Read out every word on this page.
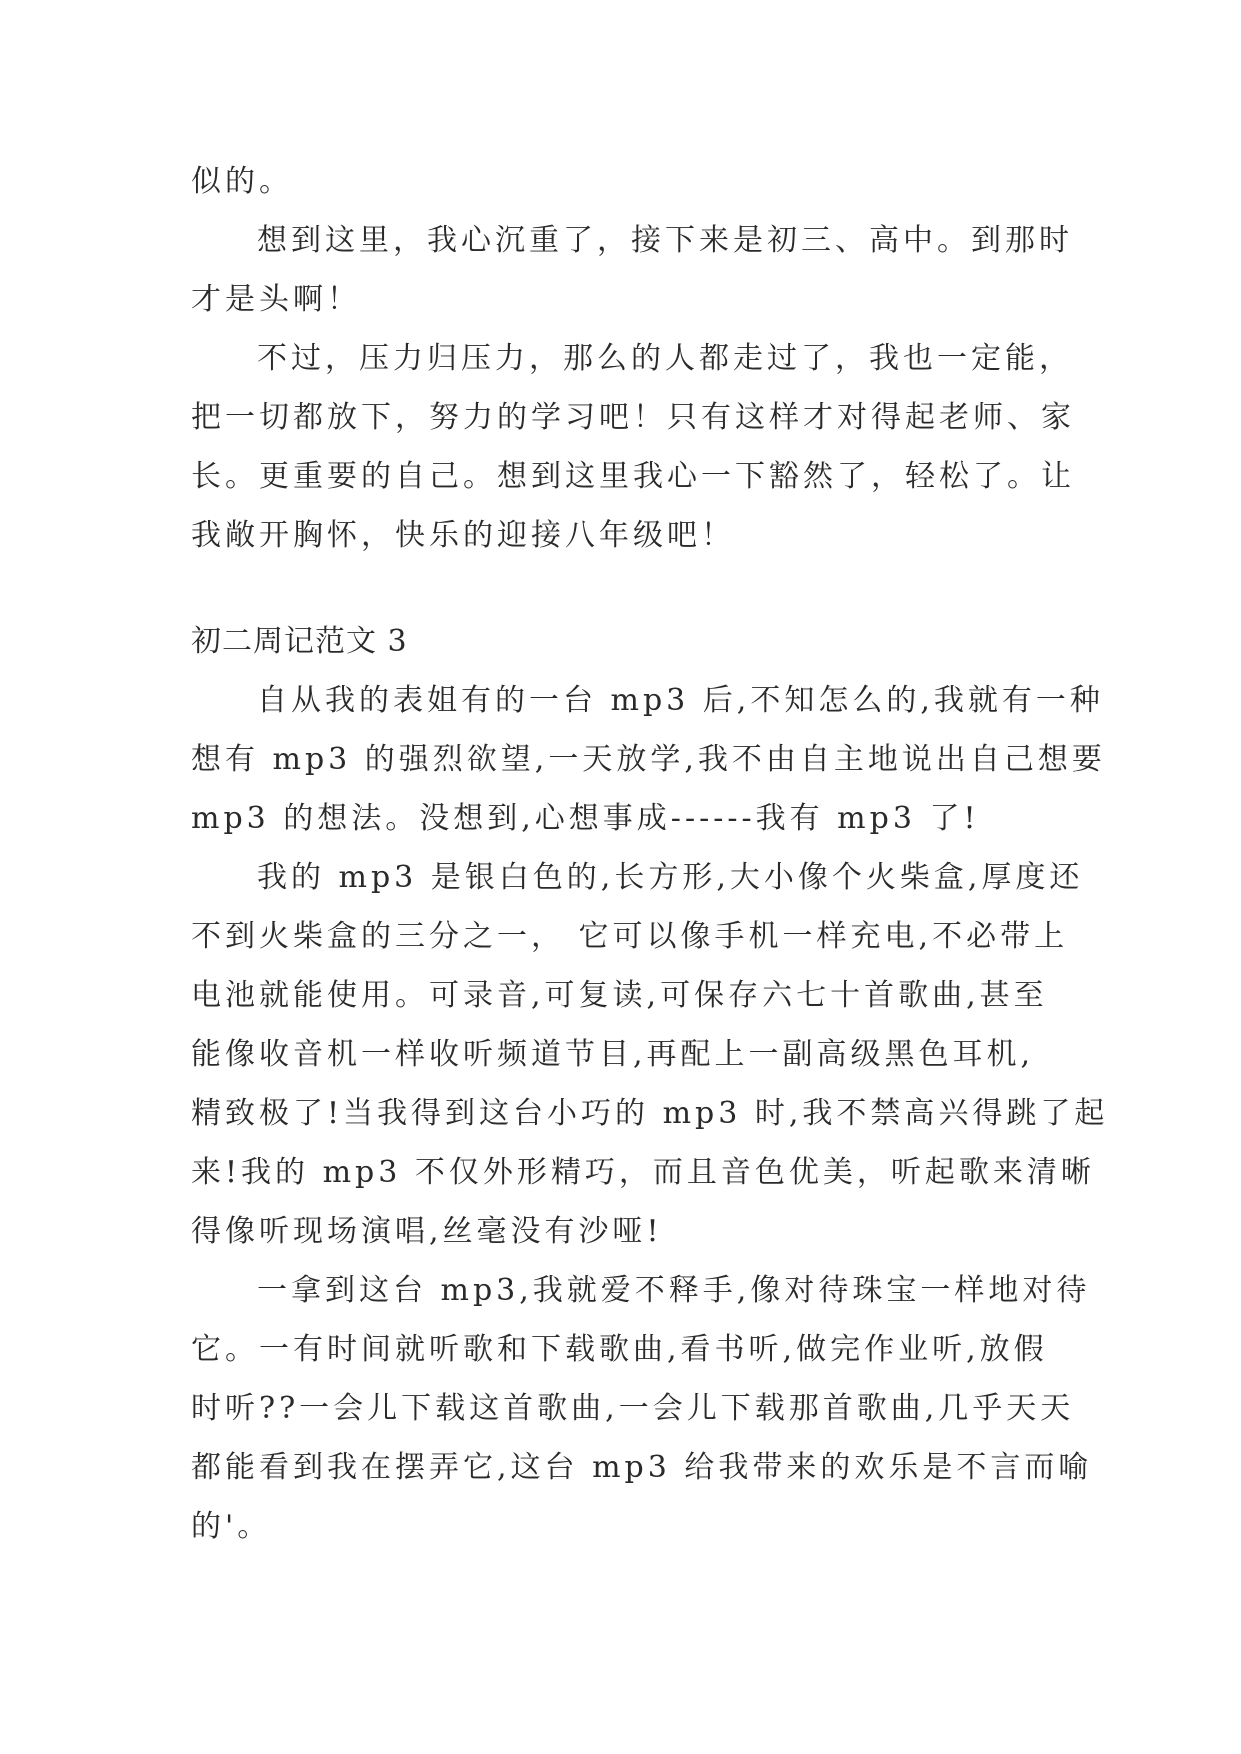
似的。
想到这里，我心沉重了，接下来是初三、高中。到那时
才是头啊！
不过，压力归压力，那么的人都走过了，我也一定能，
把一切都放下，努力的学习吧！只有这样才对得起老师、家
长。更重要的自己。想到这里我心一下豁然了，轻松了。让
我敞开胸怀，快乐的迎接八年级吧！
初二周记范文 3
自从我的表姐有的一台 mp3 后,不知怎么的,我就有一种
想有 mp3 的强烈欲望,一天放学,我不由自主地说出自己想要
mp3 的想法。没想到,心想事成------我有 mp3 了!
我的 mp3 是银白色的,长方形,大小像个火柴盒,厚度还
不到火柴盒的三分之一， 它可以像手机一样充电,不必带上
电池就能使用。可录音,可复读,可保存六七十首歌曲,甚至
能像收音机一样收听频道节目,再配上一副高级黑色耳机,
精致极了!当我得到这台小巧的 mp3 时,我不禁高兴得跳了起
来!我的 mp3 不仅外形精巧，而且音色优美，听起歌来清晰
得像听现场演唱,丝毫没有沙哑!
一拿到这台 mp3,我就爱不释手,像对待珠宝一样地对待
它。一有时间就听歌和下载歌曲,看书听,做完作业听,放假
时听??一会儿下载这首歌曲,一会儿下载那首歌曲,几乎天天
都能看到我在摆弄它,这台 mp3 给我带来的欢乐是不言而喻
的'。
